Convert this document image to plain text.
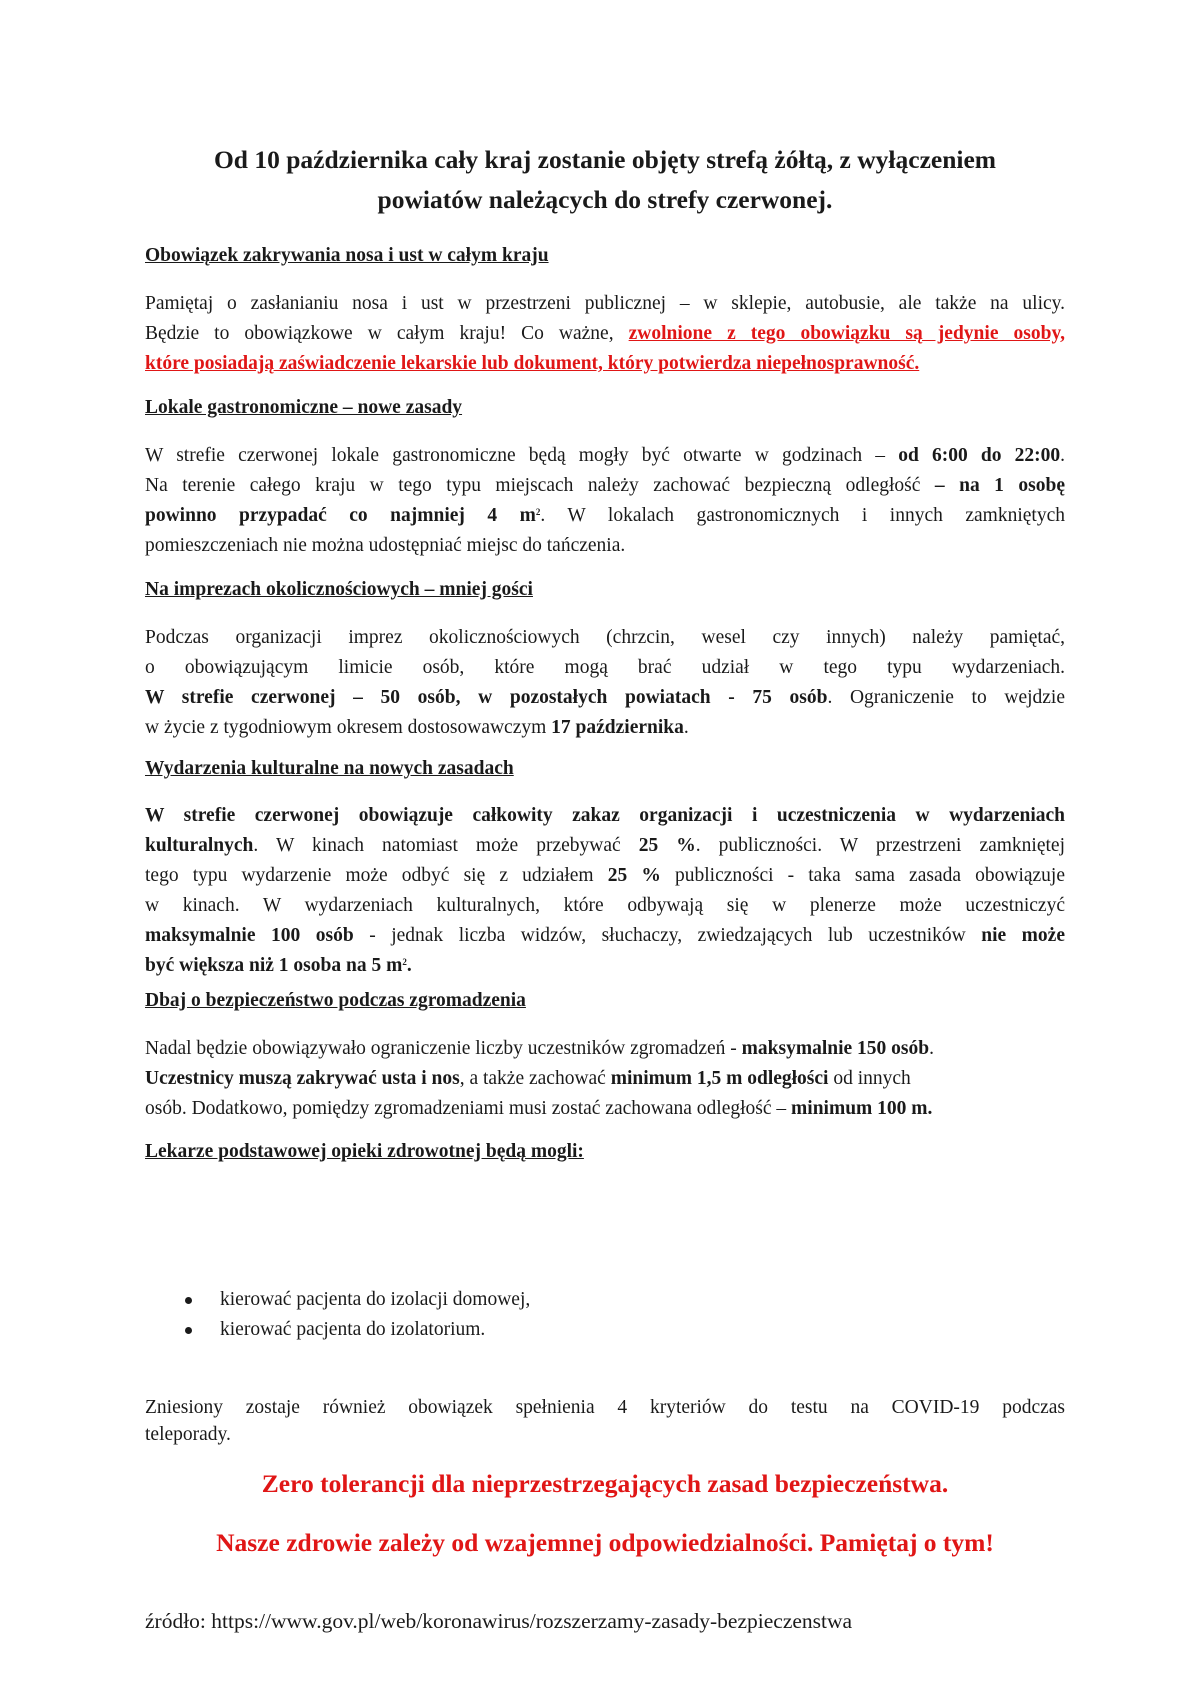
Od 10 października cały kraj zostanie objęty strefą żółtą, z wyłączeniem
powiatów należących do strefy czerwonej.
Obowiązek zakrywania nosa i ust w całym kraju
Pamiętaj o zasłanianiu nosa i ust w przestrzeni publicznej – w sklepie, autobusie, ale także na ulicy.
Będzie to obowiązkowe w całym kraju! Co ważne, zwolnione z tego obowiązku są jedynie osoby,
które posiadają zaświadczenie lekarskie lub dokument, który potwierdza niepełnosprawność.
Lokale gastronomiczne – nowe zasady
W strefie czerwonej lokale gastronomiczne będą mogły być otwarte w godzinach – od 6:00 do 22:00.
Na terenie całego kraju w tego typu miejscach należy zachować bezpieczną odległość – na 1 osobę
powinno przypadać co najmniej 4 $m^2$. W lokalach gastronomicznych i innych zamkniętych
pomieszczeniach nie można udostępniać miejsc do tańczenia.
Na imprezach okolicznościowych – mniej gości
Podczas organizacji imprez okolicznościowych (chrzcin, wesel czy innych) należy pamiętać,
o obowiązującym limicie osób, które mogą brać udział w tego typu wydarzeniach.
W strefie czerwonej – 50 osób, w pozostałych powiatach - 75 osób. Ograniczenie to wejdzie
w życie z tygodniowym okresem dostosowawczym 17 października.
Wydarzenia kulturalne na nowych zasadach
W strefie czerwonej obowiązuje całkowity zakaz organizacji i uczestniczenia w wydarzeniach
kulturalnych. W kinach natomiast może przebywać 25 %. publiczności. W przestrzeni zamkniętej
tego typu wydarzenie może odbyć się z udziałem 25 % publiczności - taka sama zasada obowiązuje
w kinach. W wydarzeniach kulturalnych, które odbywają się w plenerze może uczestniczyć
maksymalnie 100 osób - jednak liczba widzów, słuchaczy, zwiedzających lub uczestników nie może
być większa niż 1 osoba na 5 $m^2$.
Dbaj o bezpieczeństwo podczas zgromadzenia
Nadal będzie obowiązywało ograniczenie liczby uczestników zgromadzeń - maksymalnie 150 osób.
Uczestnicy muszą zakrywać usta i nos, a także zachować minimum 1,5 m odległości od innych
osób. Dodatkowo, pomiędzy zgromadzeniami musi zostać zachowana odległość – minimum 100 m.
Lekarze podstawowej opieki zdrowotnej będą mogli:
kierować pacjenta do izolacji domowej,
kierować pacjenta do izolatorium.
Zniesiony zostaje również obowiązek spełnienia 4 kryteriów do testu na COVID-19 podczas
teleporady.

Zero tolerancji dla nieprzestrzegających zasad bezpieczeństwa.

Nasze zdrowie zależy od wzajemnej odpowiedzialności. Pamiętaj o tym!

źródło: https://www.gov.pl/web/koronawirus/rozszerzamy-zasady-bezpieczenstwa
